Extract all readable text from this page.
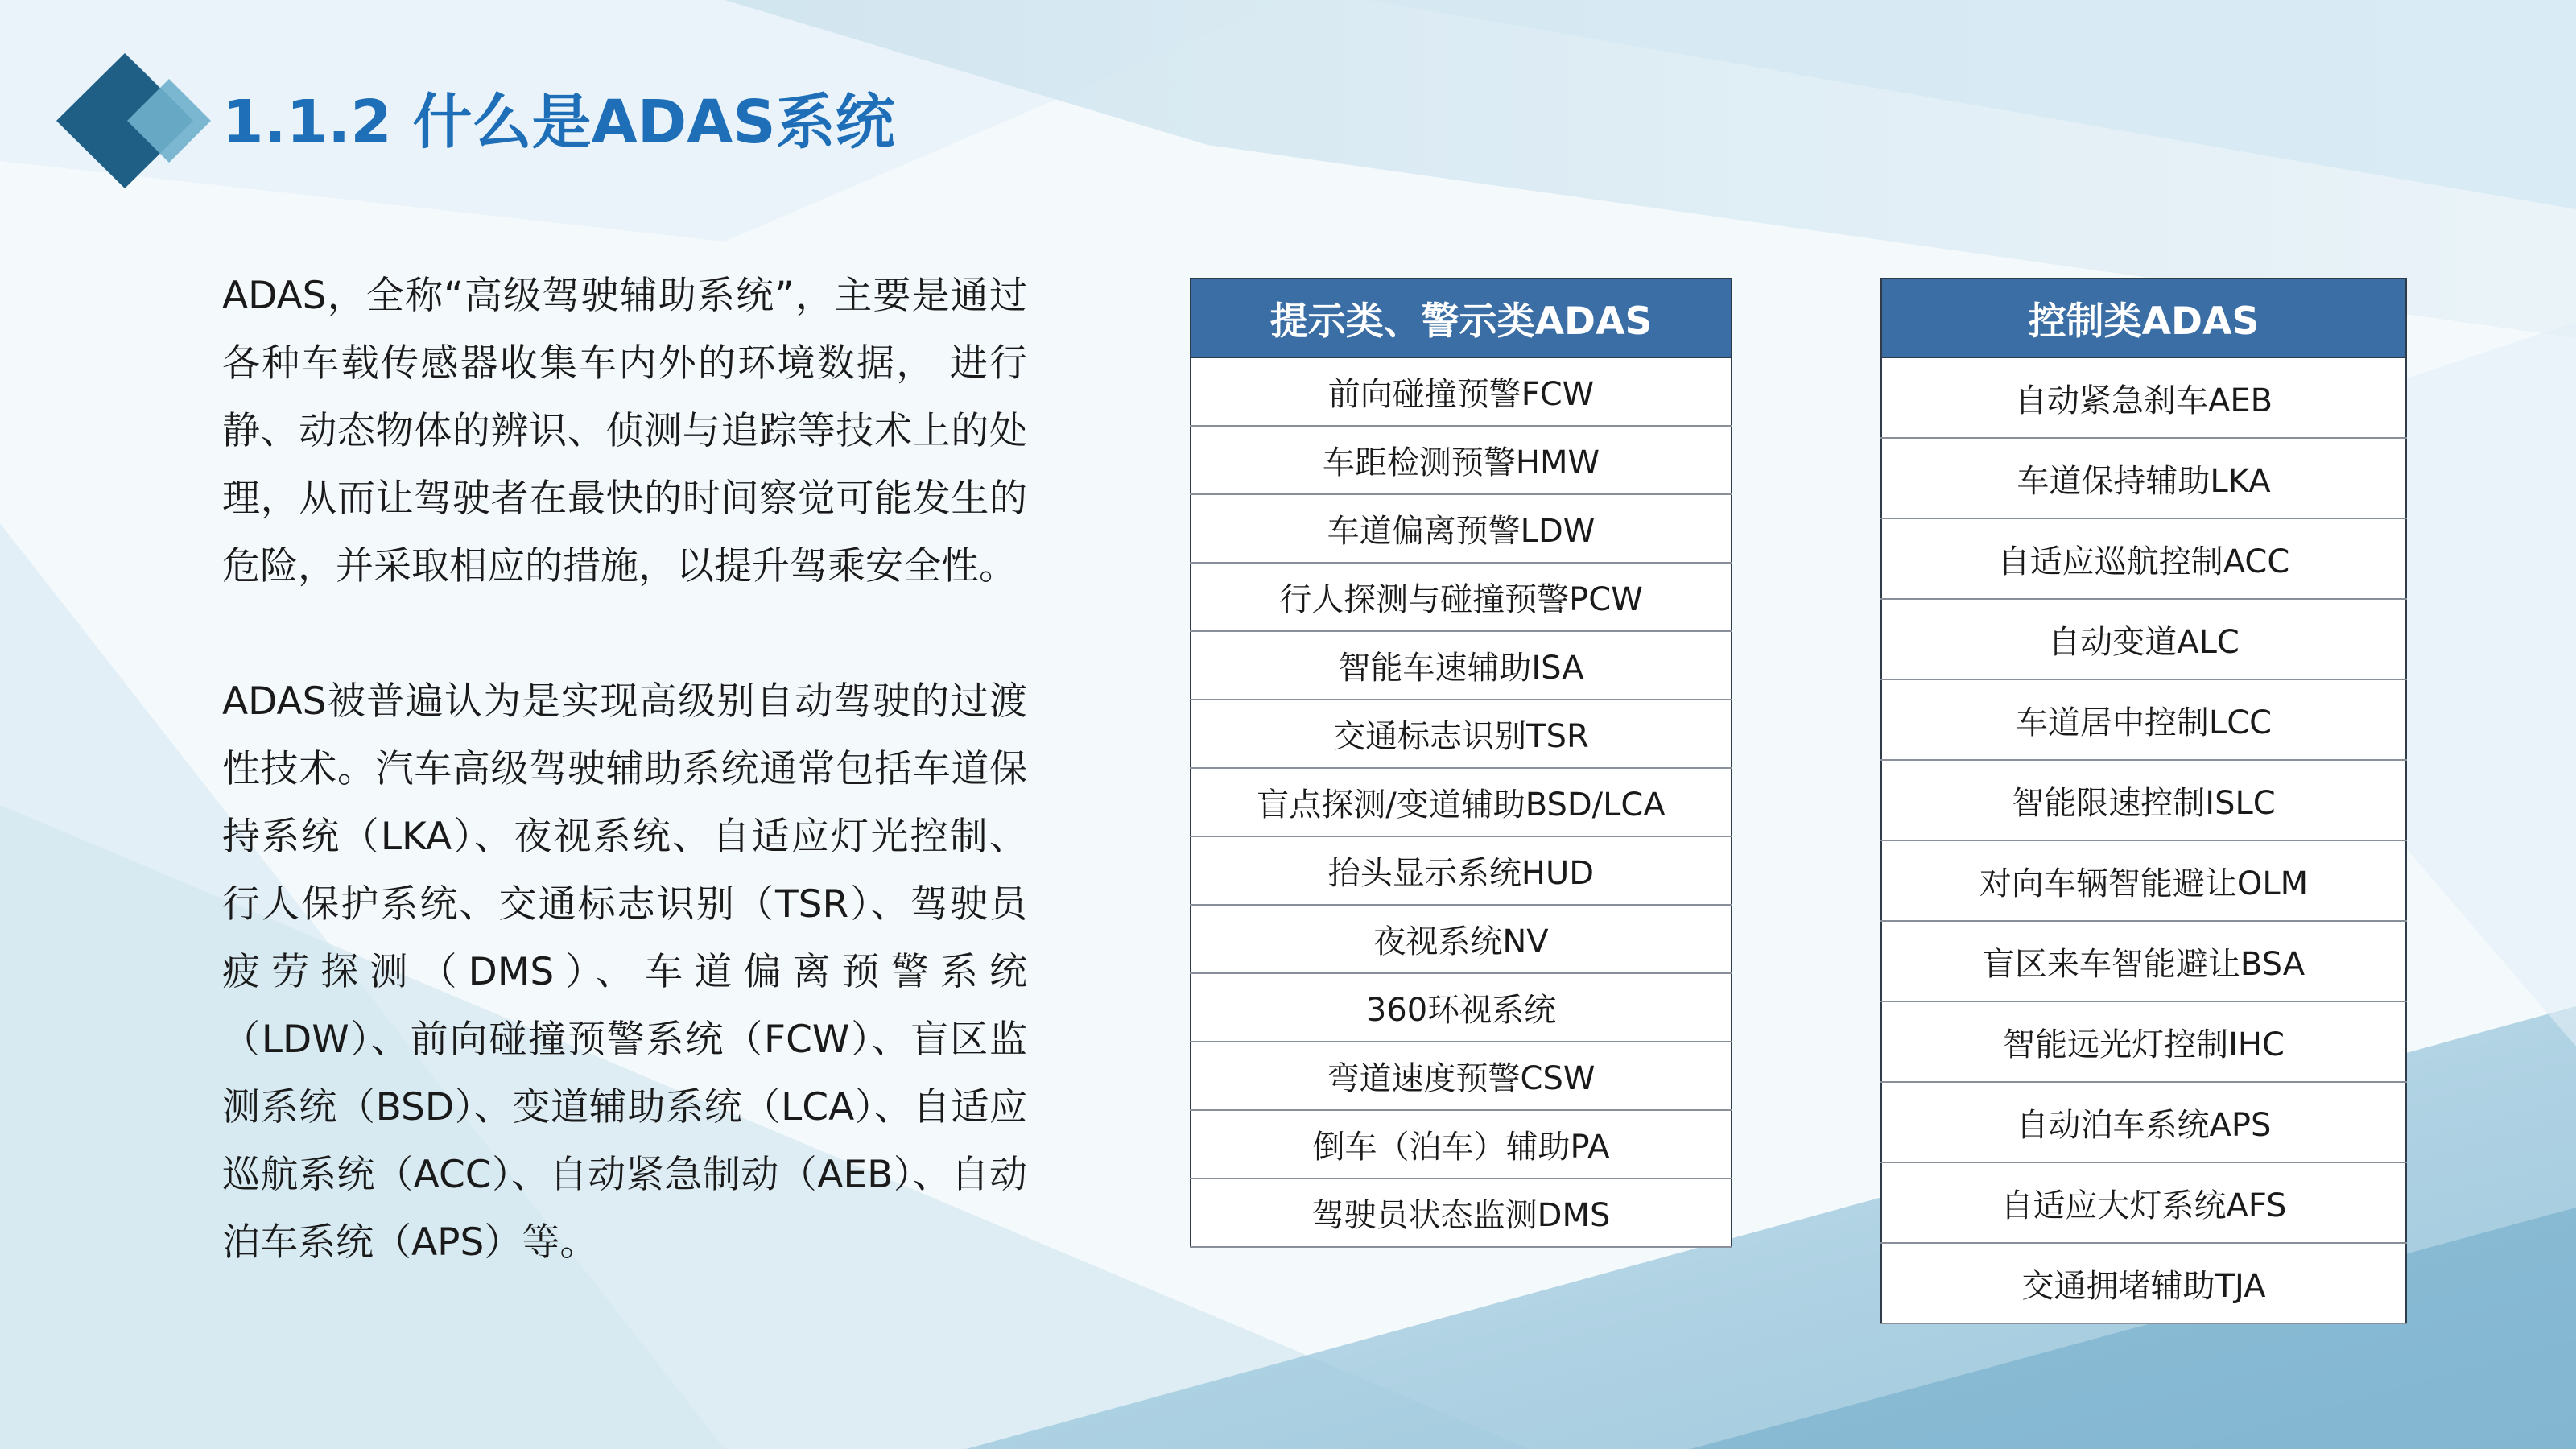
1.1.2 什么是ADAS系统

ADAS，全称“高级驾驶辅助系统”，主要是通过各种车载传感器收集车内外的环境数据， 进行静、动态物体的辨识、侦测与追踪等技术上的处理，从而让驾驶者在最快的时间察觉可能发生的危险，并采取相应的措施，以提升驾乘安全性。

ADAS被普遍认为是实现高级别自动驾驶的过渡性技术。汽车高级驾驶辅助系统通常包括车道保持系统（LKA）、夜视系统、自适应灯光控制、行人保护系统、交通标志识别（TSR）、驾驶员疲劳探测（DMS）、车道偏离预警系统（LDW）、前向碰撞预警系统（FCW）、盲区监测系统（BSD）、变道辅助系统（LCA）、自适应巡航系统（ACC）、自动紧急制动（AEB）、自动泊车系统（APS）等。

提示类、警示类ADAS
前向碰撞预警FCW
车距检测预警HMW
车道偏离预警LDW
行人探测与碰撞预警PCW
智能车速辅助ISA
交通标志识别TSR
盲点探测/变道辅助BSD/LCA
抬头显示系统HUD
夜视系统NV
360环视系统
弯道速度预警CSW
倒车（泊车）辅助PA
驾驶员状态监测DMS
控制类ADAS
自动紧急刹车AEB
车道保持辅助LKA
自适应巡航控制ACC
自动变道ALC
车道居中控制LCC
智能限速控制ISLC
对向车辆智能避让OLM
盲区来车智能避让BSA
智能远光灯控制IHC
自动泊车系统APS
自适应大灯系统AFS
交通拥堵辅助TJA
